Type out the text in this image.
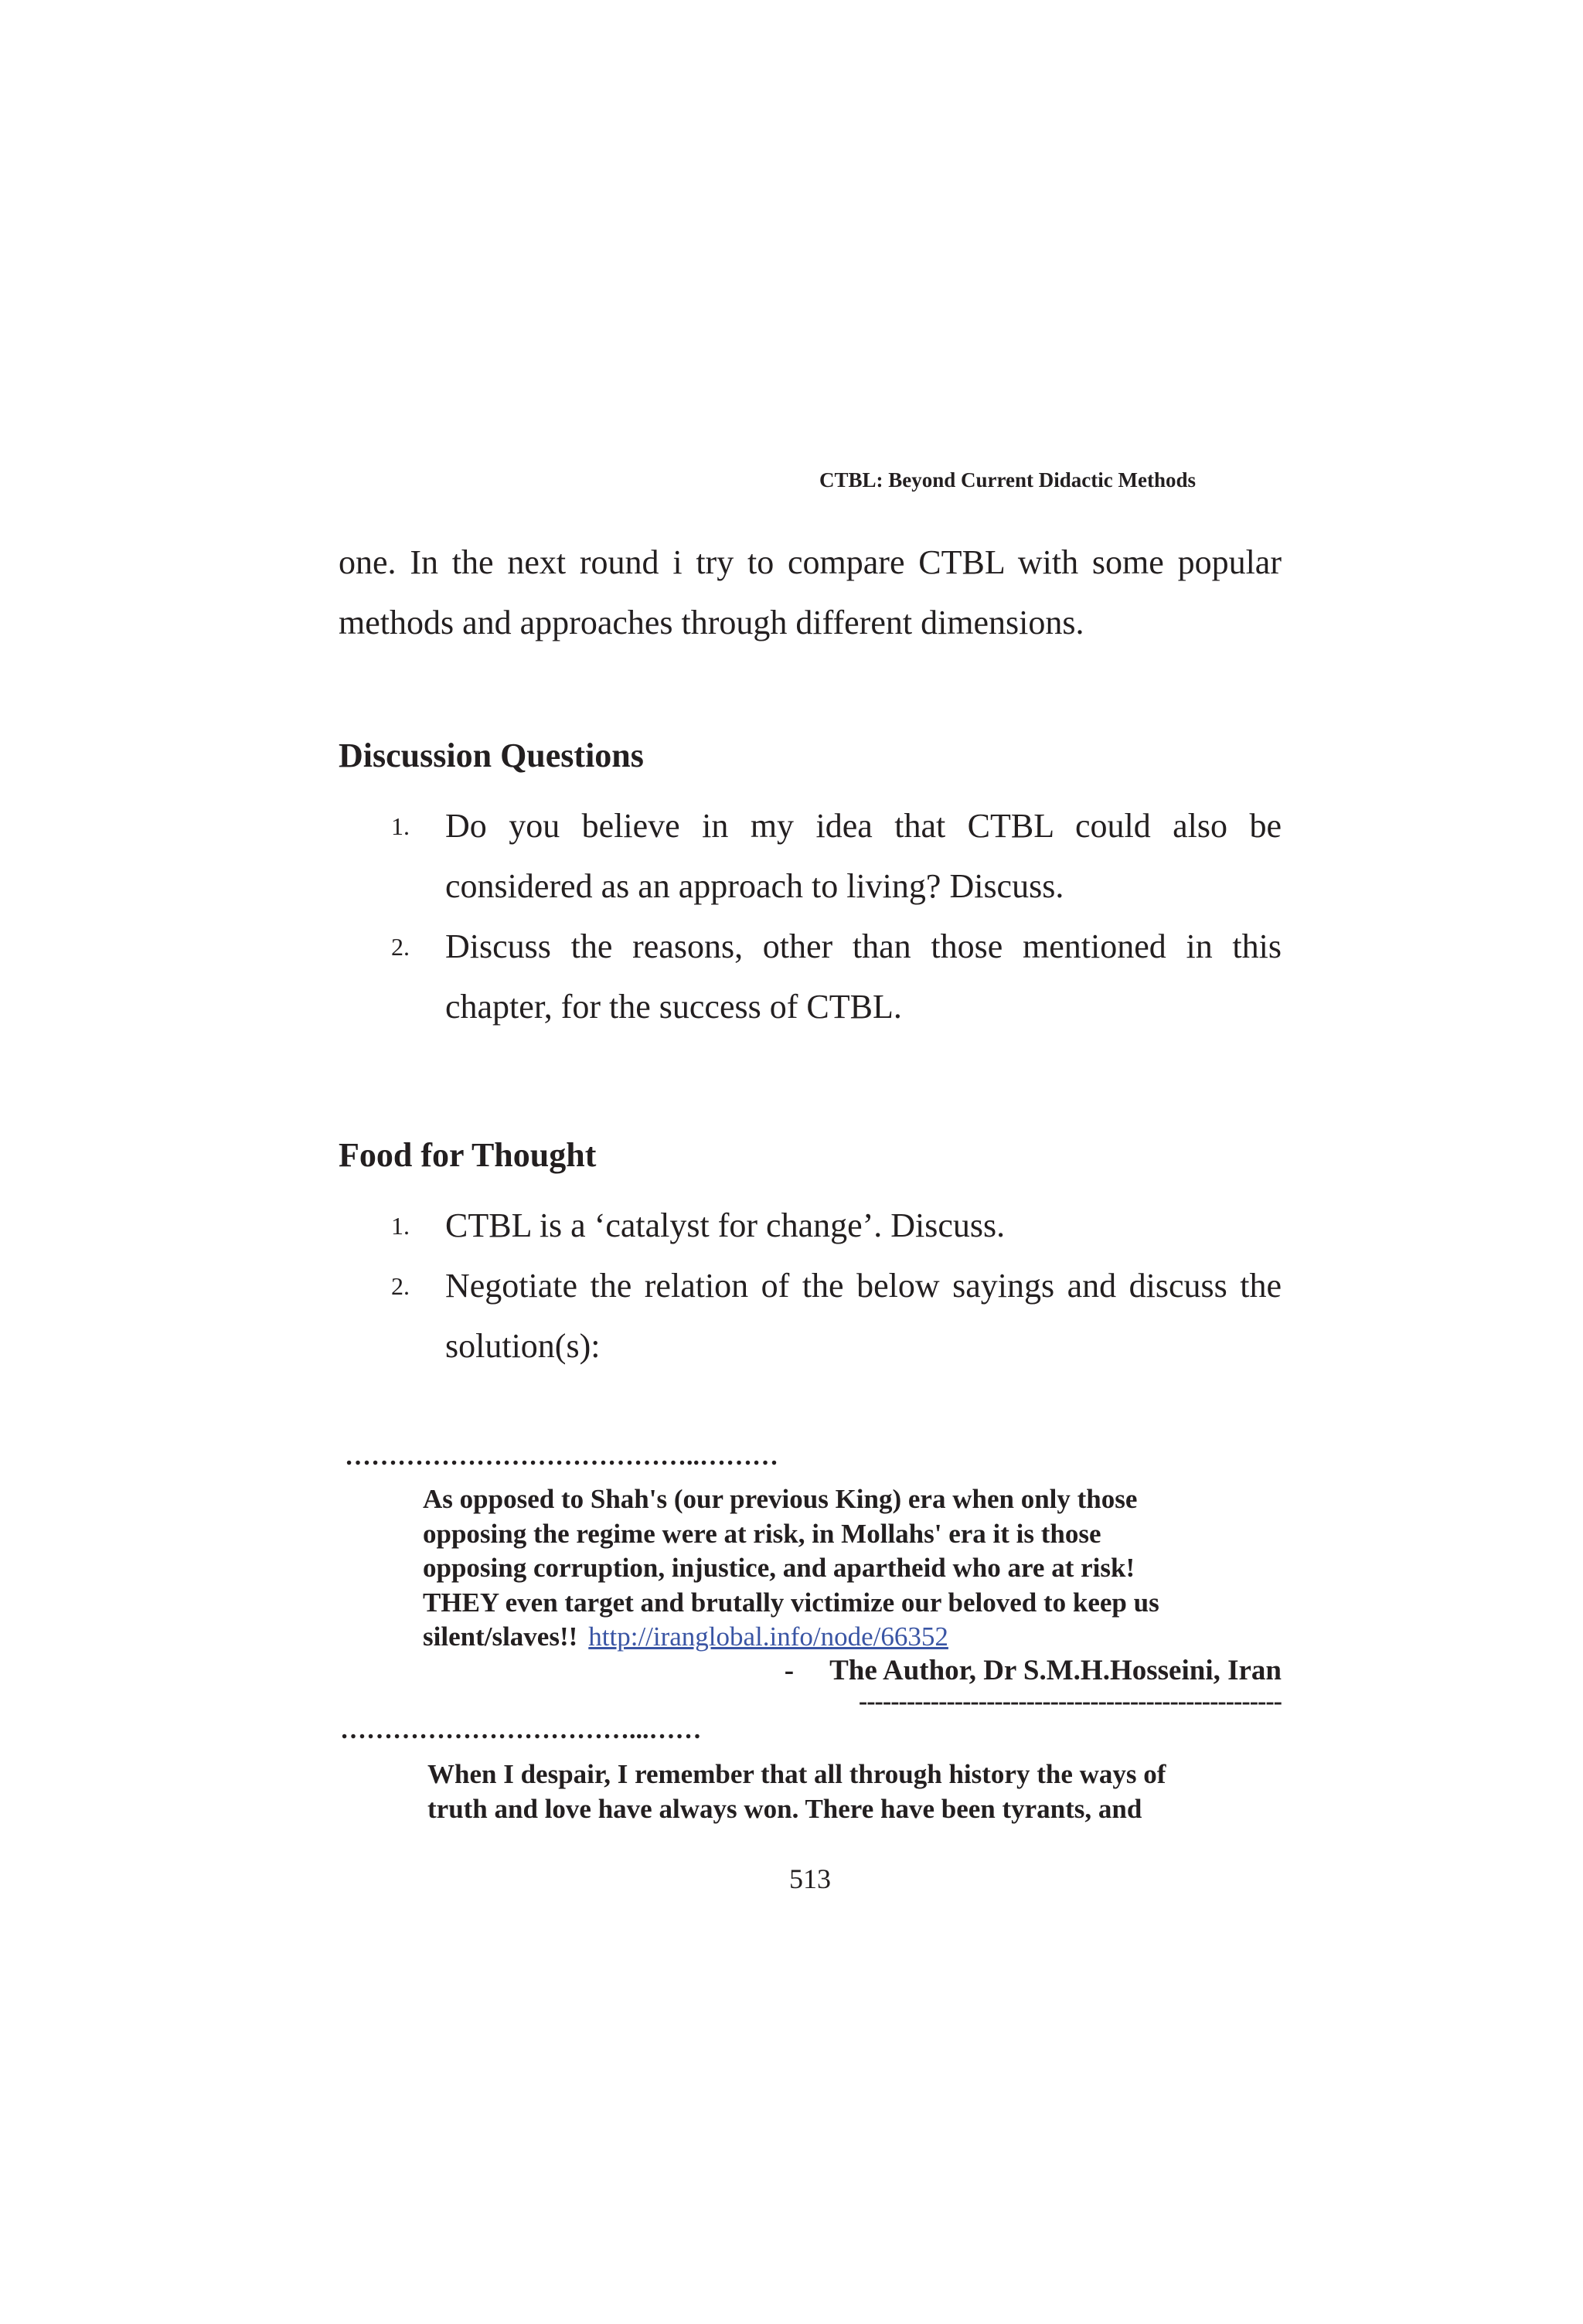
CTBL: Beyond Current Didactic Methods
one. In the next round i try to compare CTBL with some popular
methods and approaches through different dimensions.
Discussion Questions
1. Do you believe in my idea that CTBL could also be
considered as an approach to living? Discuss.
2. Discuss the reasons, other than those mentioned in this
chapter, for the success of CTBL.
Food for Thought
1. CTBL is a ‘catalyst for change’. Discuss.
2. Negotiate the relation of the below sayings and discuss the
solution(s):
…………………………………..………
As opposed to Shah's (our previous King) era when only those
opposing the regime were at risk, in Mollahs' era it is those
opposing corruption, injustice, and apartheid who are at risk!
THEY even target and brutally victimize our beloved to keep us
silent/slaves!! http://iranglobal.info/node/66352
- The Author, Dr S.M.H.Hosseini, Iran
-----------------------------------------------------
……………………………...……
When I despair, I remember that all through history the ways of
truth and love have always won. There have been tyrants, and
513
